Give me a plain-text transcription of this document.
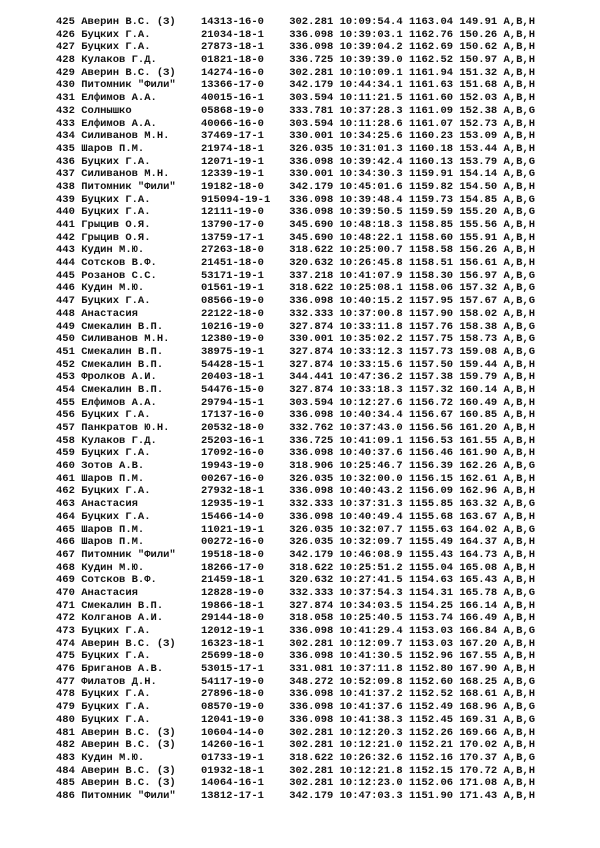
425 Аверин В.С. (З) 14313-16-0 302.281 10:09:54.4 1163.04 149.91 A,B,H
426 Буцких Г.А.	21034-18-1 336.098 10:39:03.1 1162.76 150.26 A,B,H
427 Буцких Г.А.	27873-18-1 336.098 10:39:04.2 1162.69 150.62 A,B,H
428 Кулаков Г.Д.	01821-18-0 336.725 10:39:39.0 1162.52 150.97 A,B,H
429 Аверин В.С. (З) 14274-16-0 302.281 10:10:09.1 1161.94 151.32 A,B,H
430 Питомник "Фили" 13366-17-0 342.179 10:44:34.1 1161.63 151.68 A,B,H
431 Елфимов А.А.	40015-16-1 303.594 10:11:21.5 1161.60 152.03 A,B,H
432 Солнышко	05868-19-0 333.781 10:37:28.3 1161.09 152.38 A,B,G
433 Елфимов А.А.	40066-16-0 303.594 10:11:28.6 1161.07 152.73 A,B,H
434 Силиванов М.Н.	37469-17-1 330.001 10:34:25.6 1160.23 153.09 A,B,H
435 Шаров П.М.	21974-18-1 326.035 10:31:01.3 1160.18 153.44 A,B,H
436 Буцких Г.А.	12071-19-1 336.098 10:39:42.4 1160.13 153.79 A,B,G
437 Силиванов М.Н.	12339-19-1 330.001 10:34:30.3 1159.91 154.14 A,B,G
438 Питомник "Фили" 19182-18-0 342.179 10:45:01.6 1159.82 154.50 A,B,H
439 Буцких Г.А.	915094-19-1 336.098 10:39:48.4 1159.73 154.85 A,B,G
440 Буцких Г.А.	12111-19-0 336.098 10:39:50.5 1159.59 155.20 A,B,G
441 Грыцив О.Я.	13790-17-0 345.690 10:48:18.3 1158.85 155.56 A,B,H
442 Грыцив О.Я.	13759-17-1 345.690 10:48:22.1 1158.60 155.91 A,B,H
443 Кудин М.Ю.	27263-18-0 318.622 10:25:00.7 1158.58 156.26 A,B,H
444 Сотсков В.Ф.	21451-18-0 320.632 10:26:45.8 1158.51 156.61 A,B,H
445 Розанов С.С.	53171-19-1 337.218 10:41:07.9 1158.30 156.97 A,B,G
446 Кудин М.Ю.	01561-19-1 318.622 10:25:08.1 1158.06 157.32 A,B,G
447 Буцких Г.А.	08566-19-0 336.098 10:40:15.2 1157.95 157.67 A,B,G
448 Анастасия	22122-18-0 332.333 10:37:00.8 1157.90 158.02 A,B,H
449 Смекалин В.П.	10216-19-0 327.874 10:33:11.8 1157.76 158.38 A,B,G
450 Силиванов М.Н.	12380-19-0 330.001 10:35:02.2 1157.75 158.73 A,B,G
451 Смекалин В.П.	38975-19-1 327.874 10:33:12.3 1157.73 159.08 A,B,G
452 Смекалин В.П.	54428-15-1 327.874 10:33:15.6 1157.50 159.44 A,B,H
453 Фролков А.И.	20403-18-1 344.441 10:47:36.2 1157.38 159.79 A,B,H
454 Смекалин В.П.	54476-15-0 327.874 10:33:18.3 1157.32 160.14 A,B,H
455 Елфимов А.А.	29794-15-1 303.594 10:12:27.6 1156.72 160.49 A,B,H
456 Буцких Г.А.	17137-16-0 336.098 10:40:34.4 1156.67 160.85 A,B,H
457 Панкратов Ю.Н.	20532-18-0 332.762 10:37:43.0 1156.56 161.20 A,B,H
458 Кулаков Г.Д.	25203-16-1 336.725 10:41:09.1 1156.53 161.55 A,B,H
459 Буцких Г.А.	17092-16-0 336.098 10:40:37.6 1156.46 161.90 A,B,H
460 Зотов А.В.	19943-19-0 318.906 10:25:46.7 1156.39 162.26 A,B,G
461 Шаров П.М.	00267-16-0 326.035 10:32:00.0 1156.15 162.61 A,B,H
462 Буцких Г.А.	27932-18-1 336.098 10:40:43.2 1156.09 162.96 A,B,H
463 Анастасия	12935-19-1 332.333 10:37:31.3 1155.85 163.32 A,B,G
464 Буцких Г.А.	15466-14-0 336.098 10:40:49.4 1155.68 163.67 A,B,H
465 Шаров П.М.	11021-19-1 326.035 10:32:07.7 1155.63 164.02 A,B,G
466 Шаров П.М.	00272-16-0 326.035 10:32:09.7 1155.49 164.37 A,B,H
467 Питомник "Фили" 19518-18-0 342.179 10:46:08.9 1155.43 164.73 A,B,H
468 Кудин М.Ю.	18266-17-0 318.622 10:25:51.2 1155.04 165.08 A,B,H
469 Сотсков В.Ф.	21459-18-1 320.632 10:27:41.5 1154.63 165.43 A,B,H
470 Анастасия	12828-19-0 332.333 10:37:54.3 1154.31 165.78 A,B,G
471 Смекалин В.П.	19866-18-1 327.874 10:34:03.5 1154.25 166.14 A,B,H
472 Колганов А.И.	29144-18-0 318.058 10:25:40.5 1153.74 166.49 A,B,H
473 Буцких Г.А.	12012-19-1 336.098 10:41:29.4 1153.03 166.84 A,B,G
474 Аверин В.С. (З) 16323-18-1 302.281 10:12:09.7 1153.03 167.20 A,B,H
475 Буцких Г.А.	25699-18-0 336.098 10:41:30.5 1152.96 167.55 A,B,H
476 Бриганов А.В.	53015-17-1 331.081 10:37:11.8 1152.80 167.90 A,B,H
477 Филатов Д.Н.	54117-19-0 348.272 10:52:09.8 1152.60 168.25 A,B,G
478 Буцких Г.А.	27896-18-0 336.098 10:41:37.2 1152.52 168.61 A,B,H
479 Буцких Г.А.	08570-19-0 336.098 10:41:37.6 1152.49 168.96 A,B,G
480 Буцких Г.А.	12041-19-0 336.098 10:41:38.3 1152.45 169.31 A,B,G
481 Аверин В.С. (З) 10604-14-0 302.281 10:12:20.3 1152.26 169.66 A,B,H
482 Аверин В.С. (З) 14260-16-1 302.281 10:12:21.0 1152.21 170.02 A,B,H
483 Кудин М.Ю.	01733-19-1 318.622 10:26:32.6 1152.16 170.37 A,B,G
484 Аверин В.С. (З) 01932-18-1 302.281 10:12:21.8 1152.15 170.72 A,B,H
485 Аверин В.С. (З) 14064-16-1 302.281 10:12:23.0 1152.06 171.08 A,B,H
486 Питомник "Фили" 13812-17-1 342.179 10:47:03.3 1151.90 171.43 A,B,H
